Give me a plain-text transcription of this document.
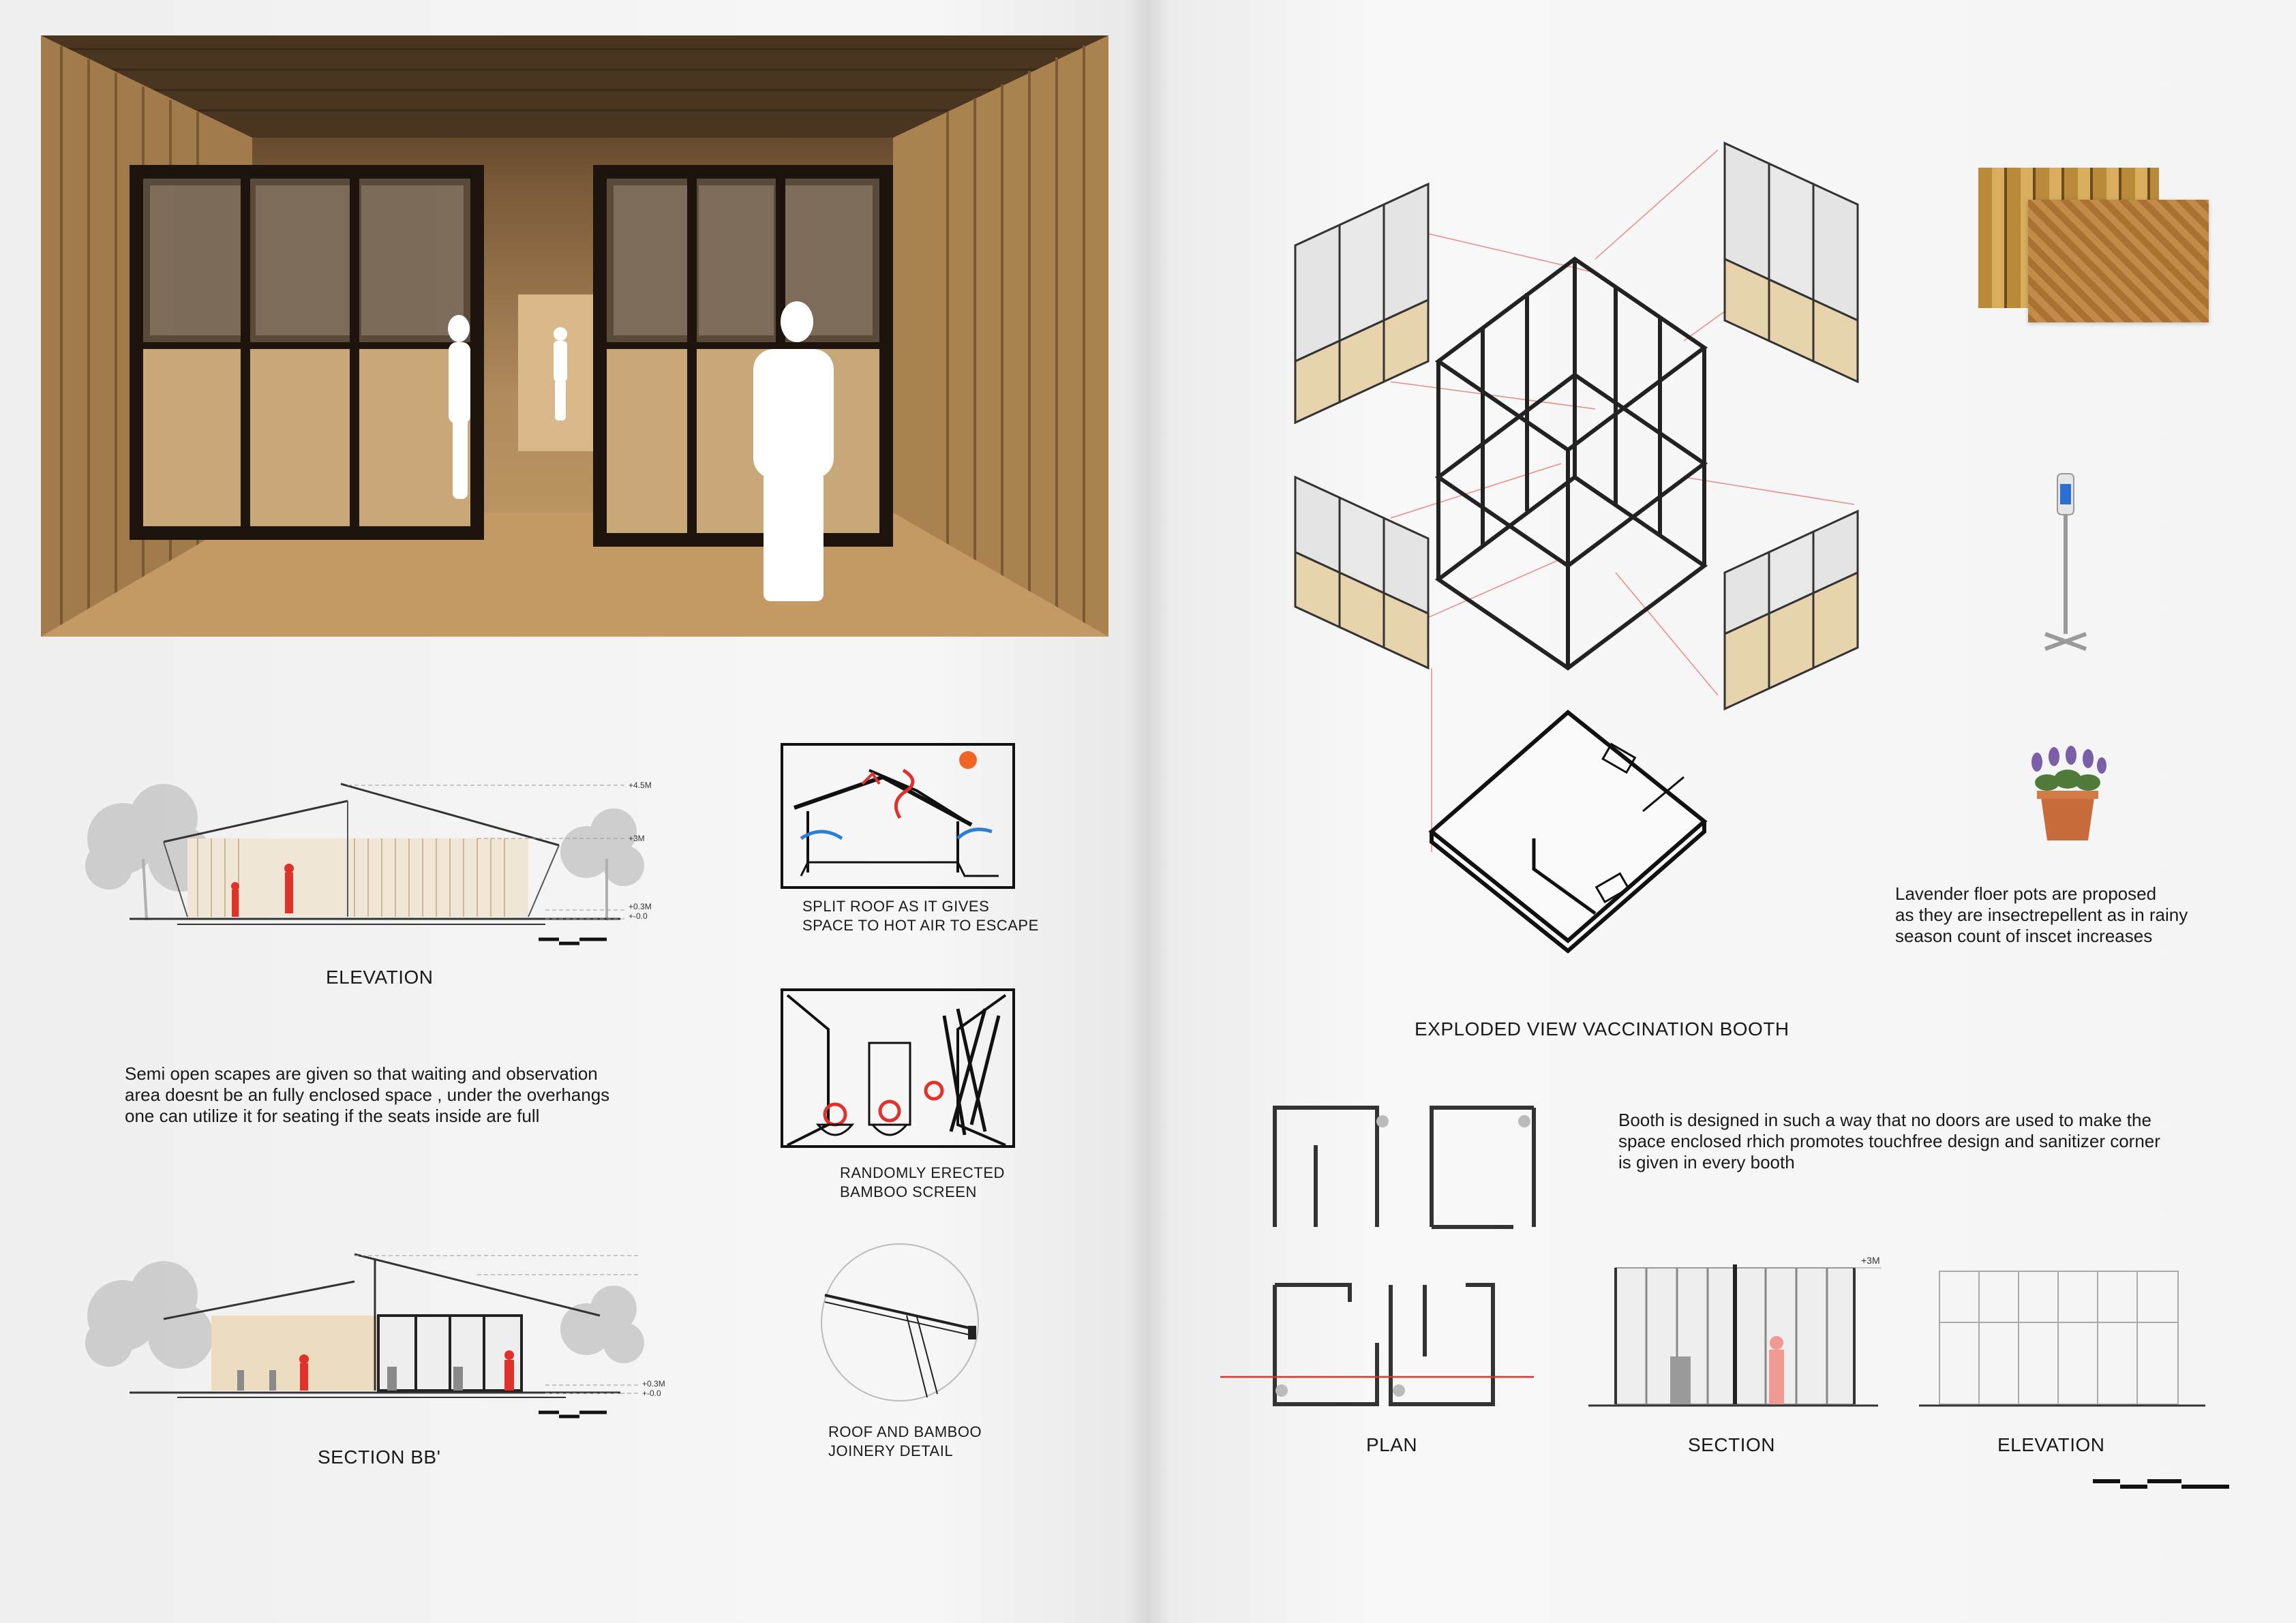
+4.5M
+3M
+0.3M
+-0.0
ELEVATION
SPLIT ROOF AS IT GIVES
SPACE TO HOT AIR TO ESCAPE
RANDOMLY ERECTED
BAMBOO SCREEN
Semi open scapes are given so that waiting and observation
area doesnt be an fully enclosed space , under the overhangs
one can utilize it for seating if the seats inside are full
+0.3M
+-0.0
SECTION BB'
ROOF AND BAMBOO
JOINERY DETAIL
EXPLODED VIEW VACCINATION BOOTH
Lavender floer pots are proposed
as they are insectrepellent as in rainy
season count of inscet increases
Booth is designed in such a way that no doors are used to make the
space enclosed rhich promotes touchfree design and sanitizer corner
is given in every booth
PLAN
+3M
SECTION	ELEVATION
